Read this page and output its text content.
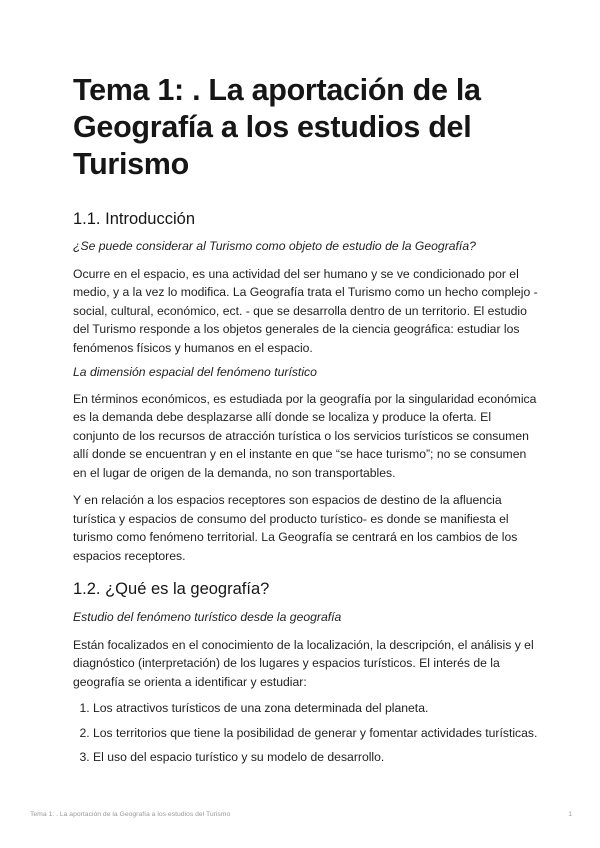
Tema 1: . La aportación de la Geografía a los estudios del Turismo
1.1. Introducción

¿Se puede considerar al Turismo como objeto de estudio de la Geografía?

Ocurre en el espacio, es una actividad del ser humano y se ve condicionado por el medio, y a la vez lo modifica. La Geografía trata el Turismo como un hecho complejo - social, cultural, económico, ect. - que se desarrolla dentro de un territorio. El estudio del Turismo responde a los objetos generales de la ciencia geográfica: estudiar los fenómenos físicos y humanos en el espacio.

La dimensión espacial del fenómeno turístico

En términos económicos, es estudiada por la geografía por la singularidad económica es la demanda debe desplazarse allí donde se localiza y produce la oferta. El conjunto de los recursos de atracción turística o los servicios turísticos se consumen allí donde se encuentran y en el instante en que “se hace turismo”; no se consumen en el lugar de origen de la demanda, no son transportables.

Y en relación a los espacios receptores son espacios de destino de la afluencia turística y espacios de consumo del producto turístico- es donde se manifiesta el turismo como fenómeno territorial. La Geografía se centrará en los cambios de los espacios receptores.

1.2. ¿Qué es la geografía?

Estudio del fenómeno turístico desde la geografía

Están focalizados en el conocimiento de la localización, la descripción, el análisis y el diagnóstico (interpretación) de los lugares y espacios turísticos. El interés de la geografía se orienta a identificar y estudiar:

1. Los atractivos turísticos de una zona determinada del planeta.
2. Los territorios que tiene la posibilidad de generar y fomentar actividades turísticas.
3. El uso del espacio turístico y su modelo de desarrollo.
Tema 1: . La aportación de la Geografía a los estudios del Turismo	1
